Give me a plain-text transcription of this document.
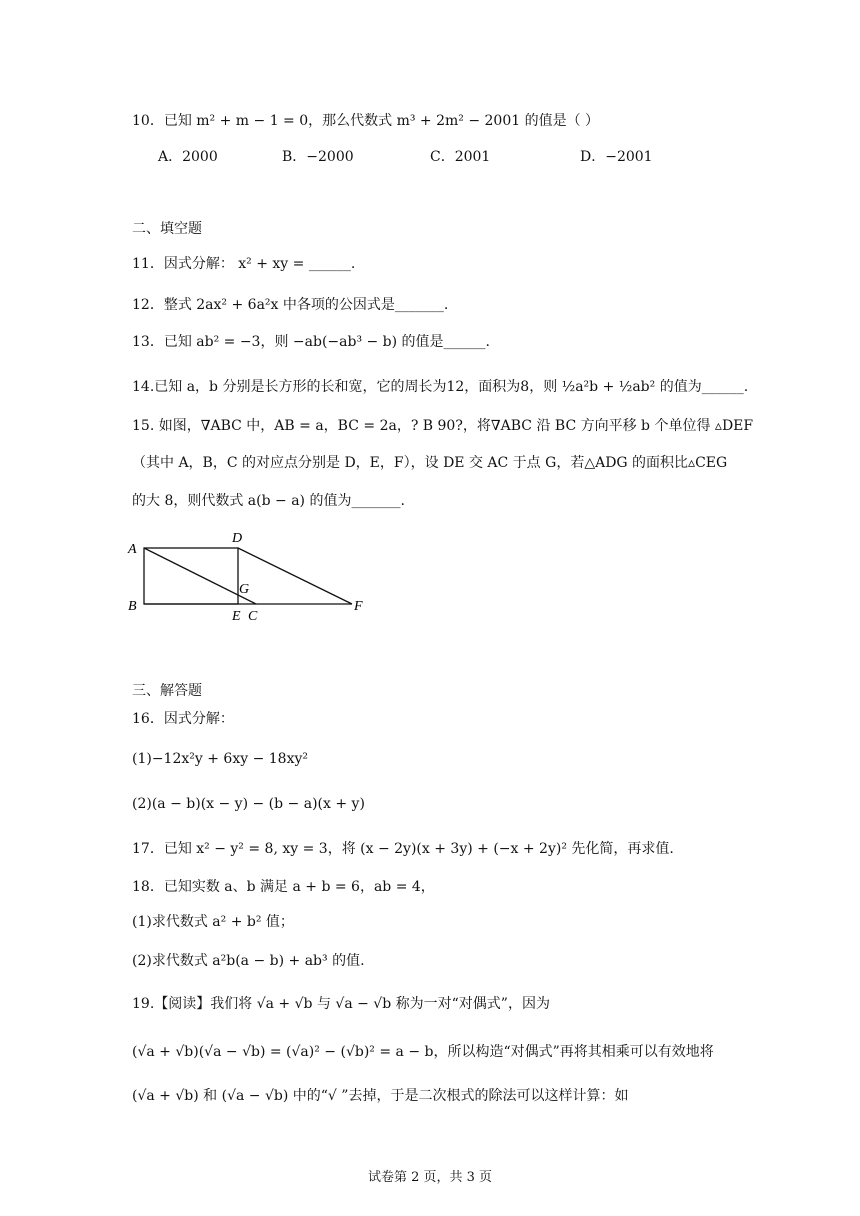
10．已知 m² + m − 1 = 0，那么代数式 m³ + 2m² − 2001 的值是（ ）
A．2000	B．−2000	C．2001	D．−2001
二、填空题
11．因式分解： x² + xy = ______.
12．整式 2ax² + 6a²x 中各项的公因式是_______.
13．已知 ab² = −3，则 −ab(−ab³ − b) 的值是______.
14.已知 a，b 分别是长方形的长和宽，它的周长为12，面积为8，则 ½a²b + ½ab² 的值为______.
15. 如图，∇ABC 中，AB = a，BC = 2a，? B 90?，将∇ABC 沿 BC 方向平移 b 个单位得 ▵DEF
（其中 A，B，C 的对应点分别是 D，E，F），设 DE 交 AC 于点 G，若△ADG 的面积比▵CEG
的大 8，则代数式 a(b − a) 的值为_______.
A
D
G
B
E C
F
三、解答题
16．因式分解：
(1)−12x²y + 6xy − 18xy²
(2)(a − b)(x − y) − (b − a)(x + y)
17．已知 x² − y² = 8, xy = 3，将 (x − 2y)(x + 3y) + (−x + 2y)² 先化简，再求值.
18．已知实数 a、b 满足 a + b = 6，ab = 4，
(1)求代数式 a² + b² 值；
(2)求代数式 a²b(a − b) + ab³ 的值.
19.【阅读】我们将 √a + √b 与 √a − √b 称为一对“对偶式”，因为
(√a + √b)(√a − √b) = (√a)² − (√b)² = a − b，所以构造“对偶式”再将其相乘可以有效地将
(√a + √b) 和 (√a − √b) 中的“√ ”去掉，于是二次根式的除法可以这样计算：如
试卷第 2 页，共 3 页
